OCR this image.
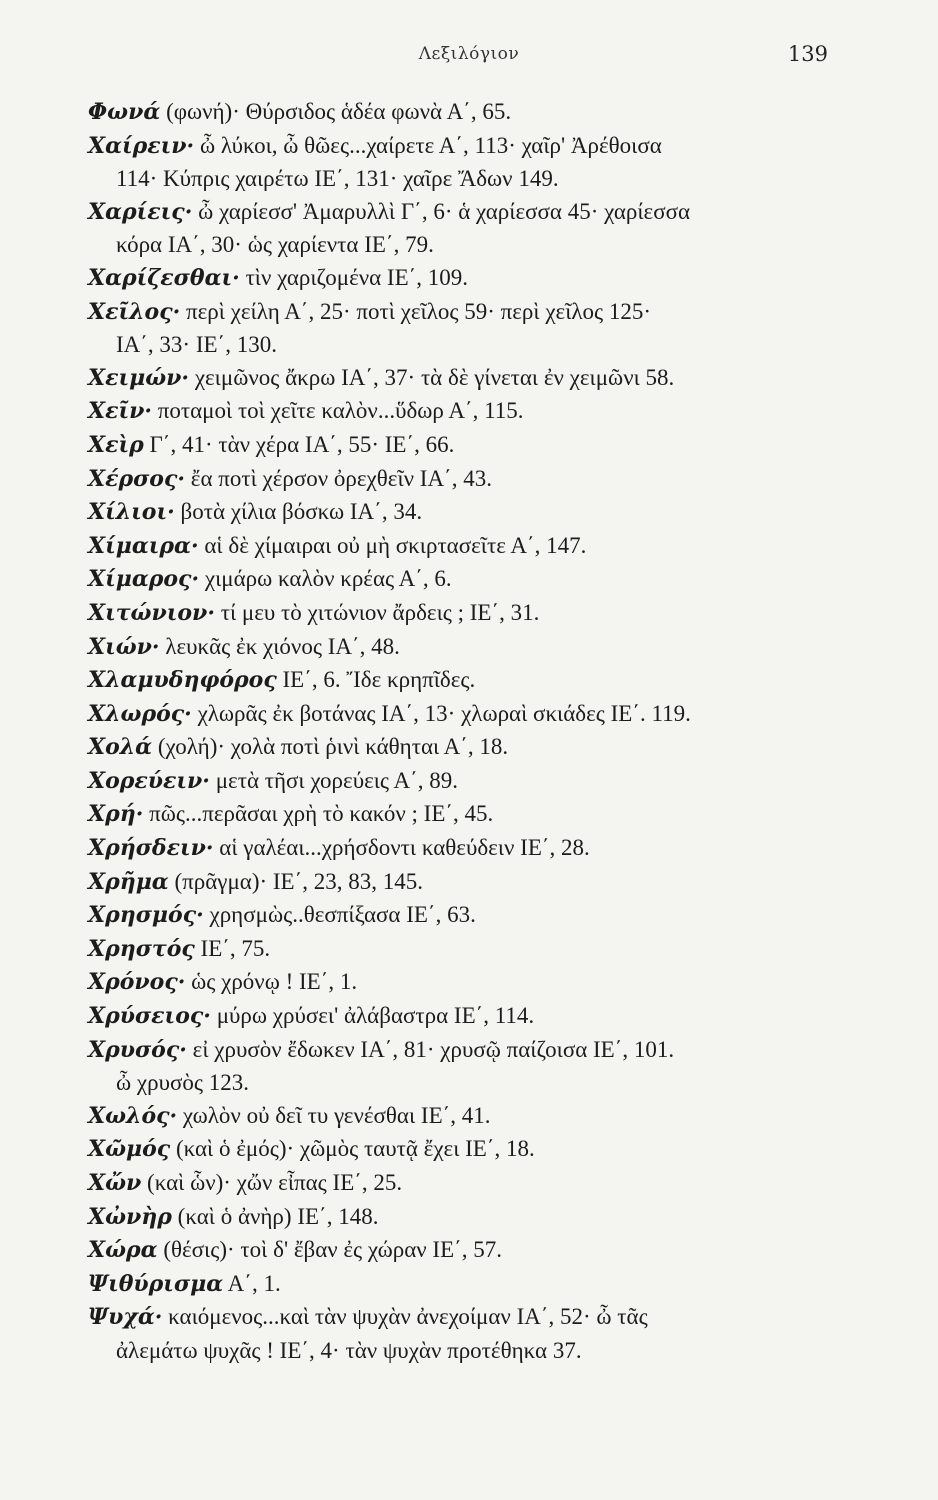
Λεξιλόγιον	139
Φωνά (φωνή)· Θύρσιδος ἁδέα φωνὰ Α΄, 65.
Χαίρειν· ὦ λύκοι, ὦ θῶες...χαίρετε Α΄, 113· χαῖρ' Ἀρέθοισα
114· Κύπρις χαιρέτω ΙΕ΄, 131· χαῖρε Ἄδων 149.
Χαρίεις· ὦ χαρίεσσ' Ἀμαρυλλὶ Γ΄, 6· ἁ χαρίεσσα 45· χαρίεσσα
κόρα ΙΑ΄, 30· ὡς χαρίεντα ΙΕ΄, 79.
Χαρίζεσθαι· τὶν χαριζομένα ΙΕ΄, 109.
Χεῖλος· περὶ χείλη Α΄, 25· ποτὶ χεῖλος 59· περὶ χεῖλος 125·
ΙΑ΄, 33· ΙΕ΄, 130.
Χειμών· χειμῶνος ἄκρω ΙΑ΄, 37· τὰ δὲ γίνεται ἐν χειμῶνι 58.
Χεῖν· ποταμοὶ τοὶ χεῖτε καλὸν...ὕδωρ Α΄, 115.
Χεὶρ Γ΄, 41· τὰν χέρα ΙΑ΄, 55· ΙΕ΄, 66.
Χέρσος· ἔα ποτὶ χέρσον ὀρεχθεῖν ΙΑ΄, 43.
Χίλιοι· βοτὰ χίλια βόσκω ΙΑ΄, 34.
Χίμαιρα· αἱ δὲ χίμαιραι οὐ μὴ σκιρτασεῖτε Α΄, 147.
Χίμαρος· χιμάρω καλὸν κρέας Α΄, 6.
Χιτώνιον· τί μευ τὸ χιτώνιον ἄρδεις ; ΙΕ΄, 31.
Χιών· λευκᾶς ἐκ χιόνος ΙΑ΄, 48.
Χλαμυδηφόρος ΙΕ΄, 6. Ἴδε κρηπῖδες.
Χλωρός· χλωρᾶς ἐκ βοτάνας ΙΑ΄, 13· χλωραὶ σκιάδες ΙΕ΄. 119.
Χολά (χολή)· χολὰ ποτὶ ῥινὶ κάθηται Α΄, 18.
Χορεύειν· μετὰ τῆσι χορεύεις Α΄, 89.
Χρή· πῶς...περᾶσαι χρὴ τὸ κακόν ; ΙΕ΄, 45.
Χρήσδειν· αἱ γαλέαι...χρήσδοντι καθεύδειν ΙΕ΄, 28.
Χρῆμα (πρᾶγμα)· ΙΕ΄, 23, 83, 145.
Χρησμός· χρησμὼς..θεσπίξασα ΙΕ΄, 63.
Χρηστός ΙΕ΄, 75.
Χρόνος· ὡς χρόνῳ ! ΙΕ΄, 1.
Χρύσειος· μύρω χρύσει' ἀλάβαστρα ΙΕ΄, 114.
Χρυσός· εἰ χρυσὸν ἔδωκεν ΙΑ΄, 81· χρυσῷ παίζοισα ΙΕ΄, 101.
ὦ χρυσὸς 123.
Χωλός· χωλὸν οὐ δεῖ τυ γενέσθαι ΙΕ΄, 41.
Χῶμός (καὶ ὁ ἐμός)· χῶμὸς ταυτᾷ ἔχει ΙΕ΄, 18.
Χὤν (καὶ ὧν)· χὤν εἶπας ΙΕ΄, 25.
Χὠνὴρ (καὶ ὁ ἀνὴρ) ΙΕ΄, 148.
Χώρα (θέσις)· τοὶ δ' ἔβαν ἐς χώραν ΙΕ΄, 57.
Ψιθύρισμα Α΄, 1.
Ψυχά· καιόμενος...καὶ τὰν ψυχὰν ἀνεχοίμαν ΙΑ΄, 52· ὦ τᾶς
ἀλεμάτω ψυχᾶς ! ΙΕ΄, 4· τὰν ψυχὰν προτέθηκα 37.
